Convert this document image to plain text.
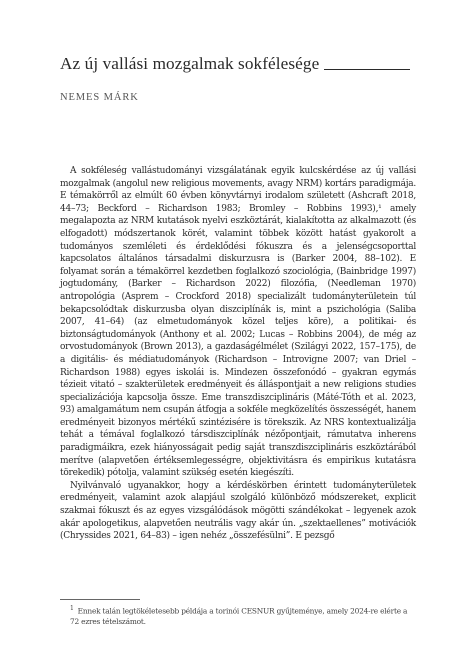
Az új vallási mozgalmak sokfélesége
NEMES MÁRK

A sokféleség vallástudományi vizsgálatának egyik kulcskérdése az új vallási mozgalmak (angolul new religious movements, avagy NRM) kortárs paradigmája. E témakörről az elmúlt 60 évben könyvtárnyi irodalom született (Ashcraft 2018, 44–73; Beckford – Richardson 1983; Bromley – Robbins 1993),¹ amely megalapozta az NRM kutatások nyelvi eszköztárát, kialakította az alkalmazott (és elfogadott) módszertanok körét, valamint többek között hatást gyakorolt a tudományos szemléleti és érdeklődési fókuszra és a jelenségcsoporttal kapcsolatos általános társadalmi diskurzusra is (Barker 2004, 88–102). E folyamat során a témakörrel kezdetben foglalkozó szociológia, (Bainbridge 1997) jogtudomány, (Barker – Richardson 2022) filozófia, (Needleman 1970) antropológia (Asprem – Crockford 2018) specializált tudományterületein túl bekapcsolódtak diskurzusba olyan diszciplínák is, mint a pszichológia (Saliba 2007, 41–64) (az elmetudományok közel teljes köre), a politikai- és biztonságtudományok (Anthony et al. 2002; Lucas – Robbins 2004), de még az orvostudományok (Brown 2013), a gazdaságélmélet (Szilágyi 2022, 157–175), de a digitális- és médiatudományok (Richardson – Introvigne 2007; van Driel – Richardson 1988) egyes iskolái is. Mindezen összefonódó – gyakran egymás tézieit vitató – szakterületek eredményeit és álláspontjait a new religions studies specializációja kapcsolja össze. Eme transzdiszciplináris (Máté-Tóth et al. 2023, 93) amalgamátum nem csupán átfogja a sokféle megközelítés összességét, hanem eredményeit bizonyos mértékű szintézisére is törekszik. Az NRS kontextualizálja tehát a témával foglalkozó társdiszciplínák nézőpontjait, rámutatva inherens paradigmáikra, ezek hiányosságait pedig saját transzdiszciplináris eszköztárából merítve (alapvetően értéksemlegességre, objektivitásra és empirikus kutatásra törekedik) pótolja, valamint szükség esetén kiegészíti.

Nyilvánvaló ugyanakkor, hogy a kérdéskörben érintett tudományterületek eredményeit, valamint azok alapjául szolgáló különböző módszereket, explicit szakmai fókuszt és az egyes vizsgálódások mögötti szándékokat – legyenek azok akár apologetikus, alapvetően neutrális vagy akár ún. „szektaellenes” motivációk (Chryssides 2021, 64–83) – igen nehéz „összefésülni”. E pezsgő

$^1$ Ennek talán legtökéletesebb példája a torinói CESNUR gyűjteménye, amely 2024-re elérte a 72 ezres tételszámot.
